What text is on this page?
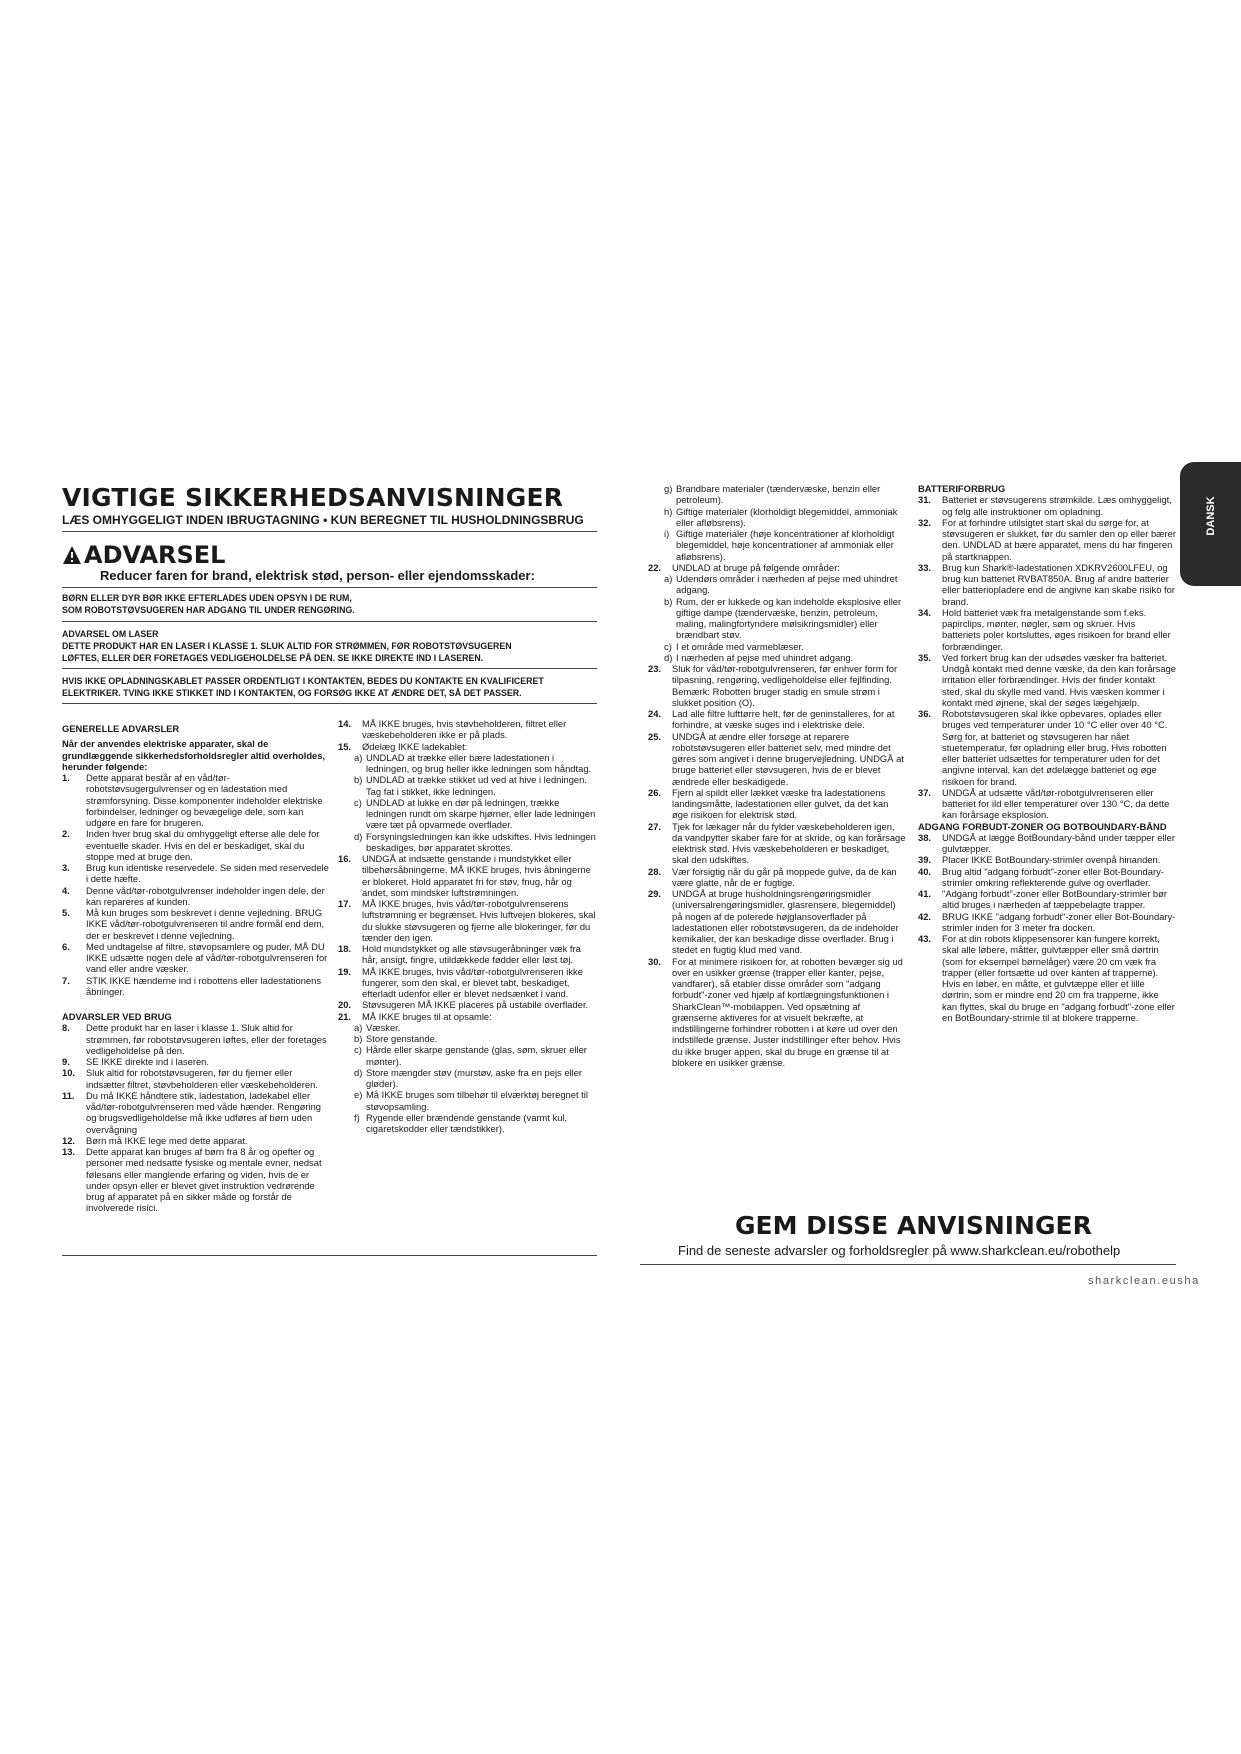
VIGTIGE SIKKERHEDSANVISNINGER
LÆS OMHYGGELIGT INDEN IBRUGTAGNING • KUN BEREGNET TIL HUSHOLDNINGSBRUG
ADVARSEL
Reducer faren for brand, elektrisk stød, person- eller ejendomsskader:
BØRN ELLER DYR BØR IKKE EFTERLADES UDEN OPSYN I DE RUM,
SOM ROBOTSTØVSUGEREN HAR ADGANG TIL UNDER RENGØRING.
ADVARSEL OM LASER
DETTE PRODUKT HAR EN LASER I KLASSE 1. SLUK ALTID FOR STRØMMEN, FØR ROBOTSTØVSUGEREN
LØFTES, ELLER DER FORETAGES VEDLIGEHOLDELSE PÅ DEN. SE IKKE DIREKTE IND I LASEREN.
HVIS IKKE OPLADNINGSKABLET PASSER ORDENTLIGT I KONTAKTEN, BEDES DU KONTAKTE EN KVALIFICERET
ELEKTRIKER. TVING IKKE STIKKET IND I KONTAKTEN, OG FORSØG IKKE AT ÆNDRE DET, SÅ DET PASSER.

GENERELLE ADVARSLER

Når der anvendes elektriske apparater, skal de grundlæggende sikkerhedsforholdsregler altid overholdes, herunder følgende:

1.	Dette apparat består af en våd/tør-robotstøvsugergulvrenser og en ladestation med strømforsyning. Disse komponenter indeholder elektriske forbindelser, ledninger og bevægelige dele, som kan udgøre en fare for brugeren.
2.	Inden hver brug skal du omhyggeligt efterse alle dele for eventuelle skader. Hvis en del er beskadiget, skal du stoppe med at bruge den.
3.	Brug kun identiske reservedele. Se siden med reservedele i dette hæfte.
4.	Denne våd/tør-robotgulvrenser indeholder ingen dele, der kan repareres af kunden.
5.	Må kun bruges som beskrevet i denne vejledning. BRUG IKKE våd/tør-robotgulvrenseren til andre formål end dem, der er beskrevet i denne vejledning.
6.	Med undtagelse af filtre, støvopsamlere og puder, MÅ DU IKKE udsætte nogen dele af våd/tør-robotgulvrenseren for vand eller andre væsker.
7.	STIK IKKE hænderne ind i robottens eller ladestationens åbninger.

ADVARSLER VED BRUG

8.	Dette produkt har en laser i klasse 1. Sluk altid for strømmen, før robotstøvsugeren løftes, eller der foretages vedligeholdelse på den.
9.	SE IKKE direkte ind i laseren.
10.	Sluk altid for robotstøvsugeren, før du fjerner eller indsætter filtret, støvbeholderen eller væskebeholderen.
11.	Du må IKKE håndtere stik, ladestation, ladekabel eller våd/tør-robotgulvrenseren med våde hænder. Rengøring og brugsvedligeholdelse må ikke udføres af børn uden overvågning
12.	Børn må IKKE lege med dette apparat.
13.	Dette apparat kan bruges af børn fra 8 år og opefter og personer med nedsatte fysiske og mentale evner, nedsat følesans eller manglende erfaring og viden, hvis de er under opsyn eller er blevet givet instruktion vedrørende brug af apparatet på en sikker måde og forstår de involverede risici.
14.	MÅ IKKE bruges, hvis støvbeholderen, filtret eller væskebeholderen ikke er på plads.
15.	Ødelæg IKKE ladekablet:
a) UNDLAD at trække eller bære ladestationen i ledningen, og brug heller ikke ledningen som håndtag.
b) UNDLAD at trække stikket ud ved at hive i ledningen. Tag fat i stikket, ikke ledningen.
c) UNDLAD at lukke en dør på ledningen, trække ledningen rundt om skarpe hjørner, eller lade ledningen være tæt på opvarmede overflader.
d) Forsyningsledningen kan ikke udskiftes. Hvis ledningen beskadiges, bør apparatet skrottes.
16.	UNDGÅ at indsætte genstande i mundstykket eller tilbehørsåbningerne. MÅ IKKE bruges, hvis åbningerne er blokeret. Hold apparatet fri for støv, fnug, hår og andet, som mindsker luftstrømningen.
17.	MÅ IKKE bruges, hvis våd/tør-robotgulvrenserens luftstrømning er begrænset. Hvis luftvejen blokeres, skal du slukke støvsugeren og fjerne alle blokeringer, før du tænder den igen.
18.	Hold mundstykket og alle støvsugeråbninger væk fra hår, ansigt, fingre, utildækkede fødder eller løst tøj.
19.	MÅ IKKE bruges, hvis våd/tør-robotgulvrenseren ikke fungerer, som den skal, er blevet tabt, beskadiget, efterladt udenfor eller er blevet nedsænket i vand.
20.	Støvsugeren MÅ IKKE placeres på ustabile overflader.
21.	MÅ IKKE bruges til at opsamle:
a) Væsker.
b) Store genstande.
c) Hårde eller skarpe genstande (glas, søm, skruer eller mønter).
d) Store mængder støv (murstøv, aske fra en pejs eller gløder).
e) Må IKKE bruges som tilbehør til elværktøj beregnet til støvopsamling.
f) Rygende eller brændende genstande (varmt kul, cigaretskodder eller tændstikker).
g) Brandbare materialer (tændervæske, benzin eller petroleum).
h) Giftige materialer (klorholdigt blegemiddel, ammoniak eller afløbsrens).
i) Giftige materialer (høje koncentrationer af klorholdigt blegemiddel, høje koncentrationer af ammoniak eller afløbsrens).
22.	UNDLAD at bruge på følgende områder:
a) Udendørs områder i nærheden af pejse med uhindret adgang.
b) Rum, der er lukkede og kan indeholde eksplosive eller giftige dampe (tændervæske, benzin, petroleum, maling, malingfortyndere mølsikringsmidler) eller brændbart støv.
c) I et område med varmeblæser.
d) I nærheden af pejse med uhindret adgang.
23.	Sluk for våd/tør-robotgulvrenseren, før enhver form for tilpasning, rengøring, vedligeholdelse eller fejlfinding. Bemærk: Robotten bruger stadig en smule strøm i slukket position (O).
24.	Lad alle filtre lufttørre helt, før de geninstalleres, for at forhindre, at væske suges ind i elektriske dele.
25.	UNDGÅ at ændre eller forsøge at reparere robotstøvsugeren eller batteriet selv, med mindre det gøres som angivet i denne brugervejledning. UNDGÅ at bruge batteriet eller støvsugeren, hvis de er blevet ændrede eller beskadigede.
26.	Fjern al spildt eller lækket væske fra ladestationens landingsmåtte, ladestationen eller gulvet, da det kan øge risikoen for elektrisk stød.
27.	Tjek for lækager når du fylder væskebeholderen igen, da vandpytter skaber fare for at skride, og kan forårsage elektrisk stød. Hvis væskebeholderen er beskadiget, skal den udskiftes.
28.	Vær forsigtig når du går på moppede gulve, da de kan være glatte, når de er fugtige.
29.	UNDGÅ at bruge husholdningsrengøringsmidler (universalrengøringsmidler, glasrensere, blegemiddel) på nogen af de polerede højglansoverflader på ladestationen eller robotstøvsugeren, da de indeholder kemikalier, der kan beskadige disse overflader. Brug i stedet en fugtig klud med vand.
30.	For at minimere risikoen for, at robotten bevæger sig ud over en usikker grænse (trapper eller kanter, pejse, vandfarer), så etabler disse områder som "adgang forbudt"-zoner ved hjælp af kortlægningsfunktionen i SharkClean™-mobilappen. Ved opsætning af grænserne aktiveres for at visuelt bekræfte, at indstillingerne forhindrer robotten i at køre ud over den indstillede grænse. Juster indstillinger efter behov. Hvis du ikke bruger appen, skal du bruge en grænse til at blokere en usikker grænse.

BATTERIFORBRUG

31.	Batteriet er støvsugerens strømkilde. Læs omhyggeligt, og følg alle instruktioner om opladning.
32.	For at forhindre utilsigtet start skal du sørge for, at støvsugeren er slukket, før du samler den op eller bærer den. UNDLAD at bære apparatet, mens du har fingeren på startknappen.
33.	Brug kun Shark®-ladestationen XDKRV2600LFEU, og brug kun batteriet RVBAT850A. Brug af andre batterier eller batteriopladere end de angivne kan skabe risiko for brand.
34.	Hold batteriet væk fra metalgenstande som f.eks. papirclips, mønter, nøgler, søm og skruer. Hvis batteriets poler kortsluttes, øges risikoen for brand eller forbrændinger.
35.	Ved forkert brug kan der udsødes væsker fra batteriet. Undgå kontakt med denne væske, da den kan forårsage irritation eller forbrændinger. Hvis der finder kontakt sted, skal du skylle med vand. Hvis væsken kommer i kontakt med øjnene, skal der søges lægehjælp.
36.	Robotstøvsugeren skal ikke opbevares, oplades eller bruges ved temperaturer under 10 °C eller over 40 °C. Sørg for, at batteriet og støvsugeren har nået stuetemperatur, før opladning eller brug. Hvis robotten eller batteriet udsættes for temperaturer uden for det angivne interval, kan det ødelægge batteriet og øge risikoen for brand.
37.	UNDGÅ at udsætte våd/tør-robotgulvrenseren eller batteriet for ild eller temperaturer over 130 °C, da dette kan forårsage eksplosion.

ADGANG FORBUDT-ZONER OG BOTBOUNDARY-BÅND

38.	UNDGÅ at lægge BotBoundary-bånd under tæpper eller gulvtæpper.
39.	Placer IKKE BotBoundary-strimler ovenpå hinanden.
40.	Brug altid "adgang forbudt"-zoner eller Bot-Boundary-strimler omkring reflekterende gulve og overflader.
41.	"Adgang forbudt"-zoner eller BotBoundary-strimler bør altid bruges i nærheden af tæppebelagte trapper.
42.	BRUG IKKE "adgang forbudt"-zoner eller Bot-Boundary-strimler inden for 3 meter fra docken.
43.	For at din robots klippesensorer kan fungere korrekt, skal alle løbere, måtter, gulvtæpper eller små dørtrin (som for eksempel børnelåger) være 20 cm væk fra trapper (eller fortsætte ud over kanten af trapperne). Hvis en løber, en måtte, et gulvtæppe eller et lille dørtrin, som er mindre end 20 cm fra trapperne, ikke kan flyttes, skal du bruge en "adgang forbudt"-zone eller en BotBoundary-strimle til at blokere trapperne.
GEM DISSE ANVISNINGER
Find de seneste advarsler og forholdsregler på www.sharkclean.eu/robothelp
sharkclean.eusha
DANSK
